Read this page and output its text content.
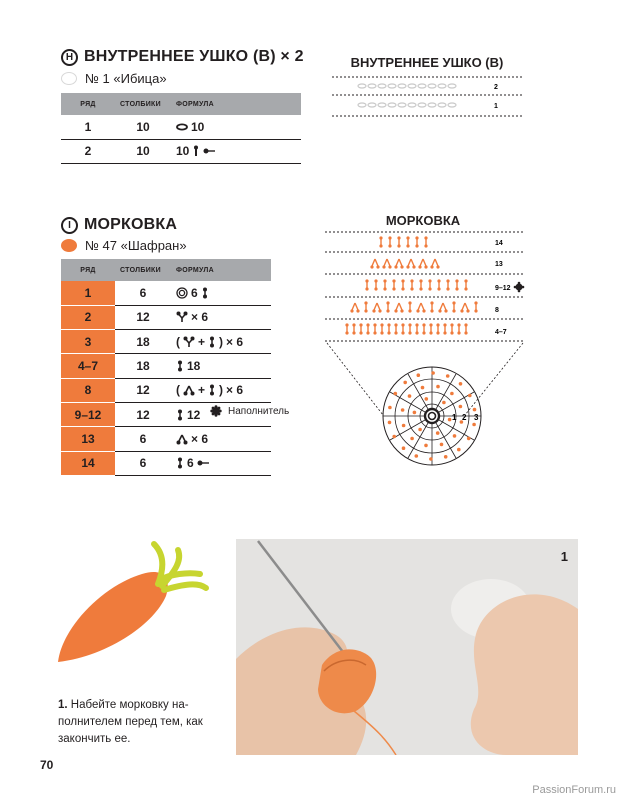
Н ВНУТРЕННЕЕ УШКО (В) × 2
№ 1 «Ибица»
РЯД	СТОЛБИКИ	ФОРМУЛА
1	10	10

2	10	10
ВНУТРЕННЕЕ УШКО (В)
2
1
I МОРКОВКА
№ 47 «Шафран»
РЯД	СТОЛБИКИ	ФОРМУЛА
1	6	6

2	12	× 6

3	18	( + ) × 6

4–7	18	18

8	12	( + ) × 6

9–12	12	12

13	6	× 6

14	6	6
Наполнитель
МОРКОВКА
1 2 3
14
13
9–12
8
4–7
1. Набейте морковку на-полнителем перед тем, как закончить ее.
70
1
PassionForum.ru
